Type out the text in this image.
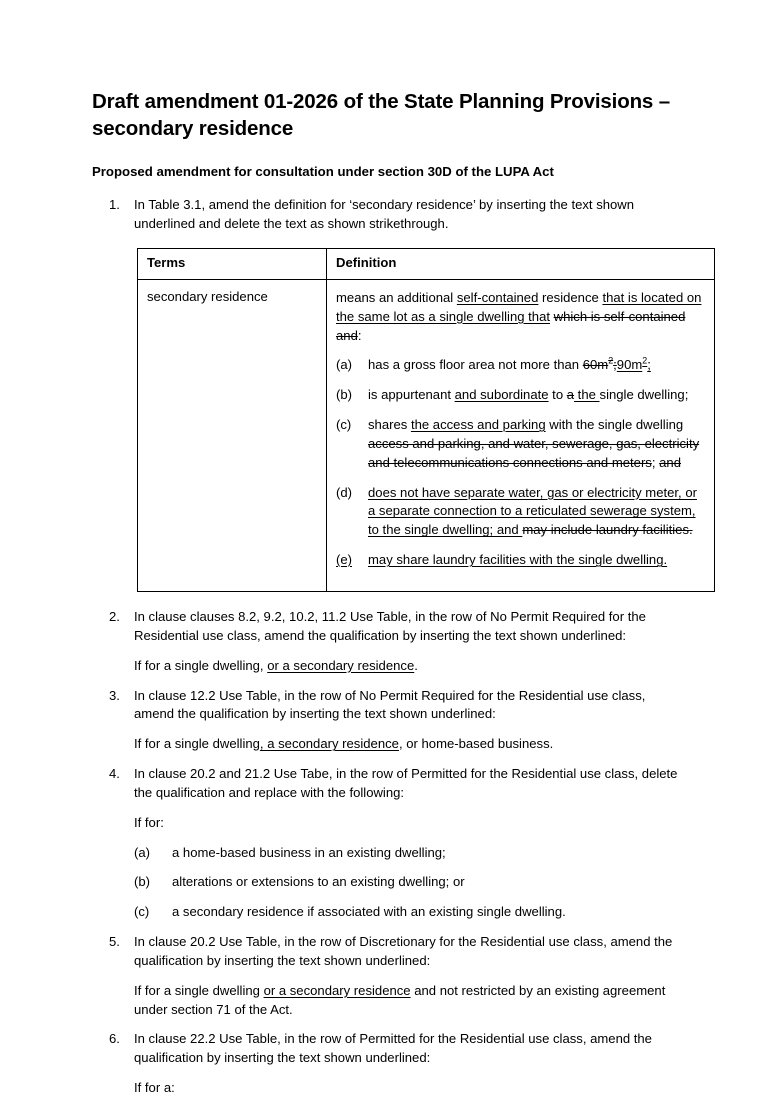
Draft amendment 01-2026 of the State Planning Provisions – secondary residence
Proposed amendment for consultation under section 30D of the LUPA Act
1.	In Table 3.1, amend the definition for ‘secondary residence’ by inserting the text shown underlined and delete the text as shown strikethrough.
Terms	Definition
secondary residence	means an additional self-contained residence that is located on the same lot as a single dwelling that which is self-contained and:
(a) has a gross floor area not more than $60m^2;90m^2$;
(b) is appurtenant and subordinate to a the single dwelling;
(c) shares the access and parking with the single dwelling access and parking, and water, sewerage, gas, electricity and telecommunications connections and meters; and
(d) does not have separate water, gas or electricity meter, or a separate connection to a reticulated sewerage system, to the single dwelling; and may include laundry facilities.
(e) may share laundry facilities with the single dwelling.
2.	In clause clauses 8.2, 9.2, 10.2, 11.2 Use Table, in the row of No Permit Required for the Residential use class, amend the qualification by inserting the text shown underlined:
If for a single dwelling, or a secondary residence.
3.	In clause 12.2 Use Table, in the row of No Permit Required for the Residential use class, amend the qualification by inserting the text shown underlined:
If for a single dwelling, a secondary residence, or home-based business.
4.	In clause 20.2 and 21.2 Use Tabe, in the row of Permitted for the Residential use class, delete the qualification and replace with the following:
If for:
(a) a home-based business in an existing dwelling;
(b) alterations or extensions to an existing dwelling; or
(c) a secondary residence if associated with an existing single dwelling.
5.	In clause 20.2 Use Table, in the row of Discretionary for the Residential use class, amend the qualification by inserting the text shown underlined:
If for a single dwelling or a secondary residence and not restricted by an existing agreement under section 71 of the Act.
6.	In clause 22.2 Use Table, in the row of Permitted for the Residential use class, amend the qualification by inserting the text shown underlined:
If for a:
